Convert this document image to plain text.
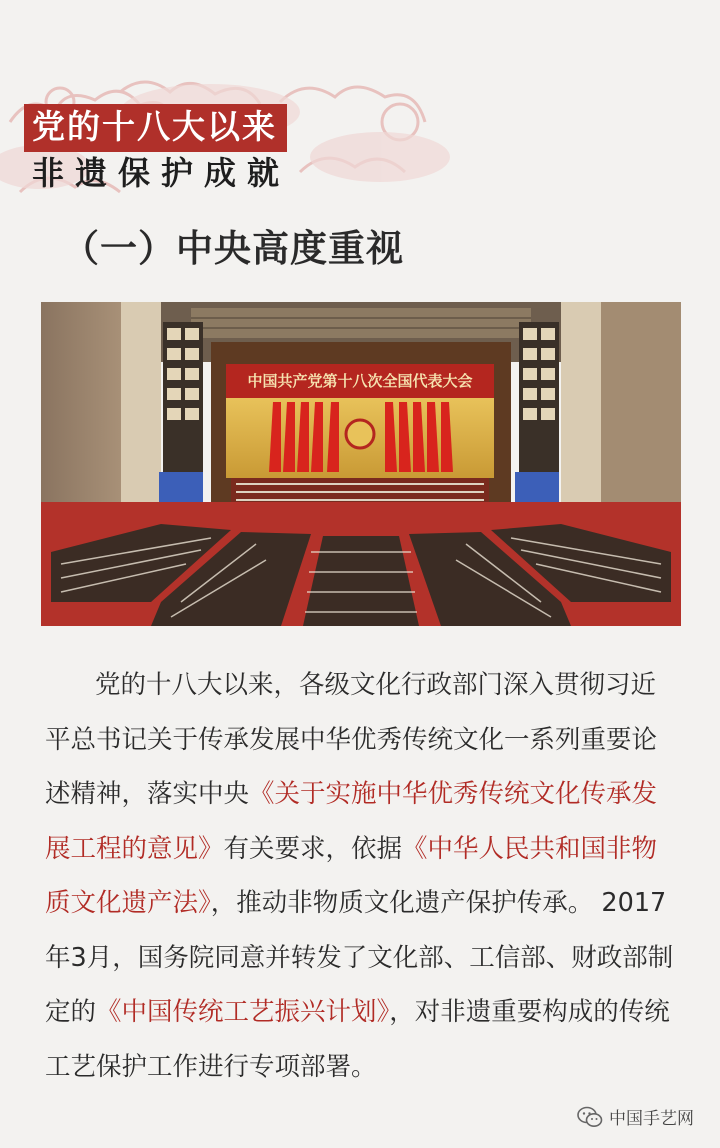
党的十八大以来
非遗保护成就
（一）中央高度重视
中国共产党第十八次全国代表大会
党的十八大以来，各级文化行政部门深入贯彻习近平总书记关于传承发展中华优秀传统文化一系列重要论述精神，落实中央《关于实施中华优秀传统文化传承发展工程的意见》有关要求，依据《中华人民共和国非物质文化遗产法》，推动非物质文化遗产保护传承。 2017年3月，国务院同意并转发了文化部、工信部、财政部制定的《中国传统工艺振兴计划》，对非遗重要构成的传统工艺保护工作进行专项部署。
中国手艺网
